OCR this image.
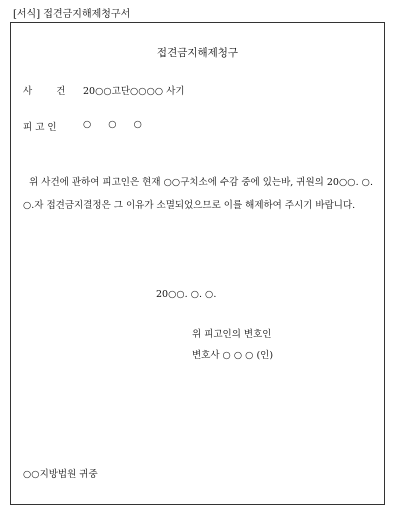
[서식] 접견금지해제청구서
접견금지해제청구
사	건 20○○고단○○○○ 사기
피 고 인	○ ○ ○
위 사건에 관하여 피고인은 현재 ○○구치소에 수감 중에 있는바, 귀원의 20○○. ○. ○.자 접견금지결정은 그 이유가 소멸되었으므로 이를 해제하여 주시기 바랍니다.
20○○. ○. ○.
위 피고인의 변호인
변호사 ○ ○ ○ (인)
○○지방법원 귀중
